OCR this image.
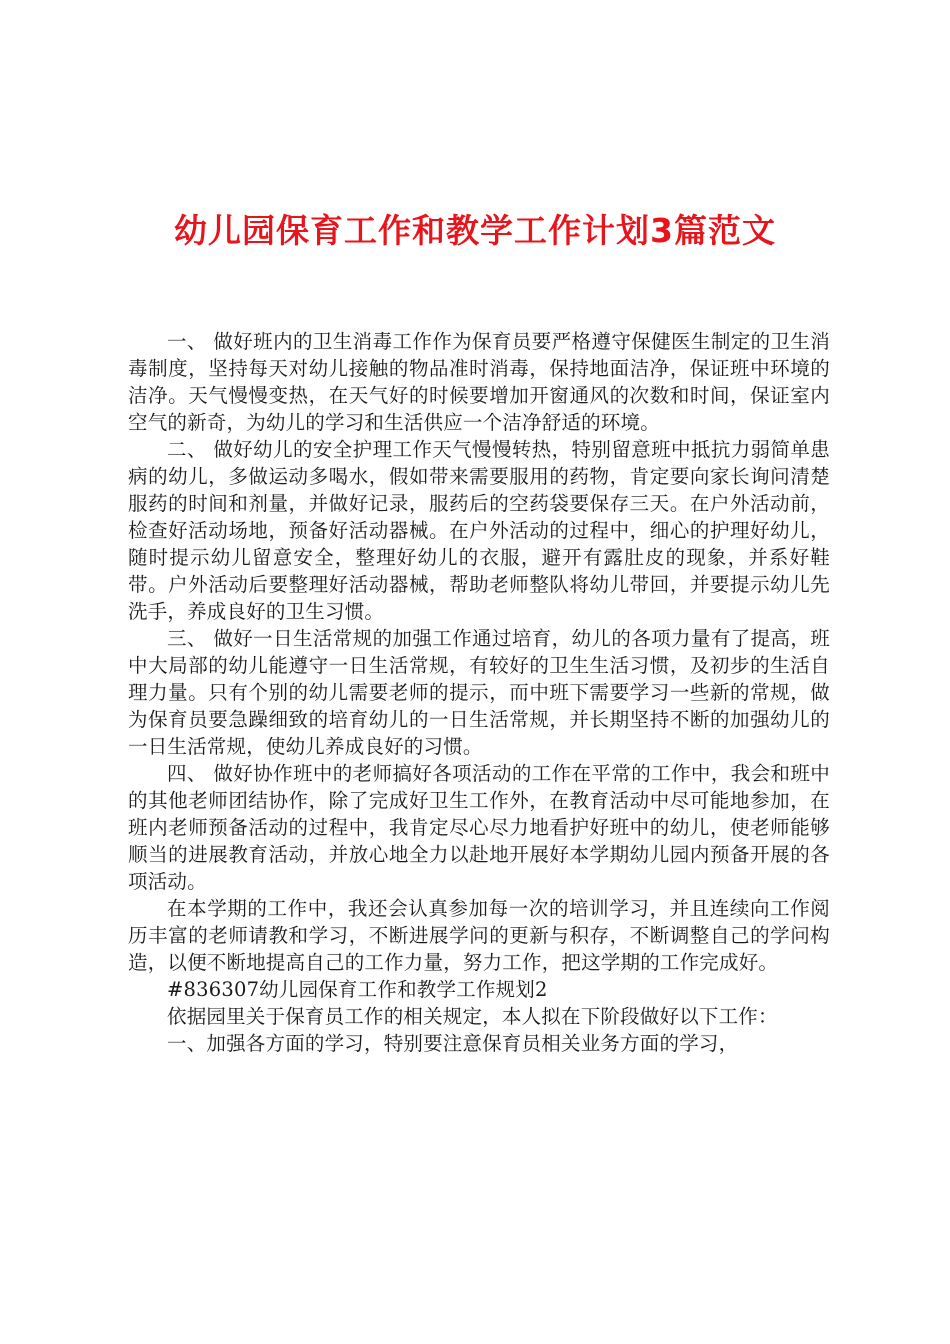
幼儿园保育工作和教学工作计划3篇范文

一、 做好班内的卫生消毒工作作为保育员要严格遵守保健医生制定的卫生消毒制度，坚持每天对幼儿接触的物品准时消毒，保持地面洁净，保证班中环境的洁净。天气慢慢变热，在天气好的时候要增加开窗通风的次数和时间，保证室内空气的新奇，为幼儿的学习和生活供应一个洁净舒适的环境。

二、 做好幼儿的安全护理工作天气慢慢转热，特别留意班中抵抗力弱简单患病的幼儿，多做运动多喝水，假如带来需要服用的药物，肯定要向家长询问清楚服药的时间和剂量，并做好记录，服药后的空药袋要保存三天。在户外活动前，检查好活动场地，预备好活动器械。在户外活动的过程中，细心的护理好幼儿，随时提示幼儿留意安全，整理好幼儿的衣服，避开有露肚皮的现象，并系好鞋带。户外活动后要整理好活动器械，帮助老师整队将幼儿带回，并要提示幼儿先洗手，养成良好的卫生习惯。

三、 做好一日生活常规的加强工作通过培育，幼儿的各项力量有了提高，班中大局部的幼儿能遵守一日生活常规，有较好的卫生生活习惯，及初步的生活自理力量。只有个别的幼儿需要老师的提示，而中班下需要学习一些新的常规，做为保育员要急躁细致的培育幼儿的一日生活常规，并长期坚持不断的加强幼儿的一日生活常规，使幼儿养成良好的习惯。

四、 做好协作班中的老师搞好各项活动的工作在平常的工作中，我会和班中的其他老师团结协作，除了完成好卫生工作外，在教育活动中尽可能地参加，在班内老师预备活动的过程中，我肯定尽心尽力地看护好班中的幼儿，使老师能够顺当的进展教育活动，并放心地全力以赴地开展好本学期幼儿园内预备开展的各项活动。

在本学期的工作中，我还会认真参加每一次的培训学习，并且连续向工作阅历丰富的老师请教和学习，不断进展学问的更新与积存，不断调整自己的学问构造，以便不断地提高自己的工作力量，努力工作，把这学期的工作完成好。

#836307幼儿园保育工作和教学工作规划2

依据园里关于保育员工作的相关规定，本人拟在下阶段做好以下工作：

一、加强各方面的学习，特别要注意保育员相关业务方面的学习，
